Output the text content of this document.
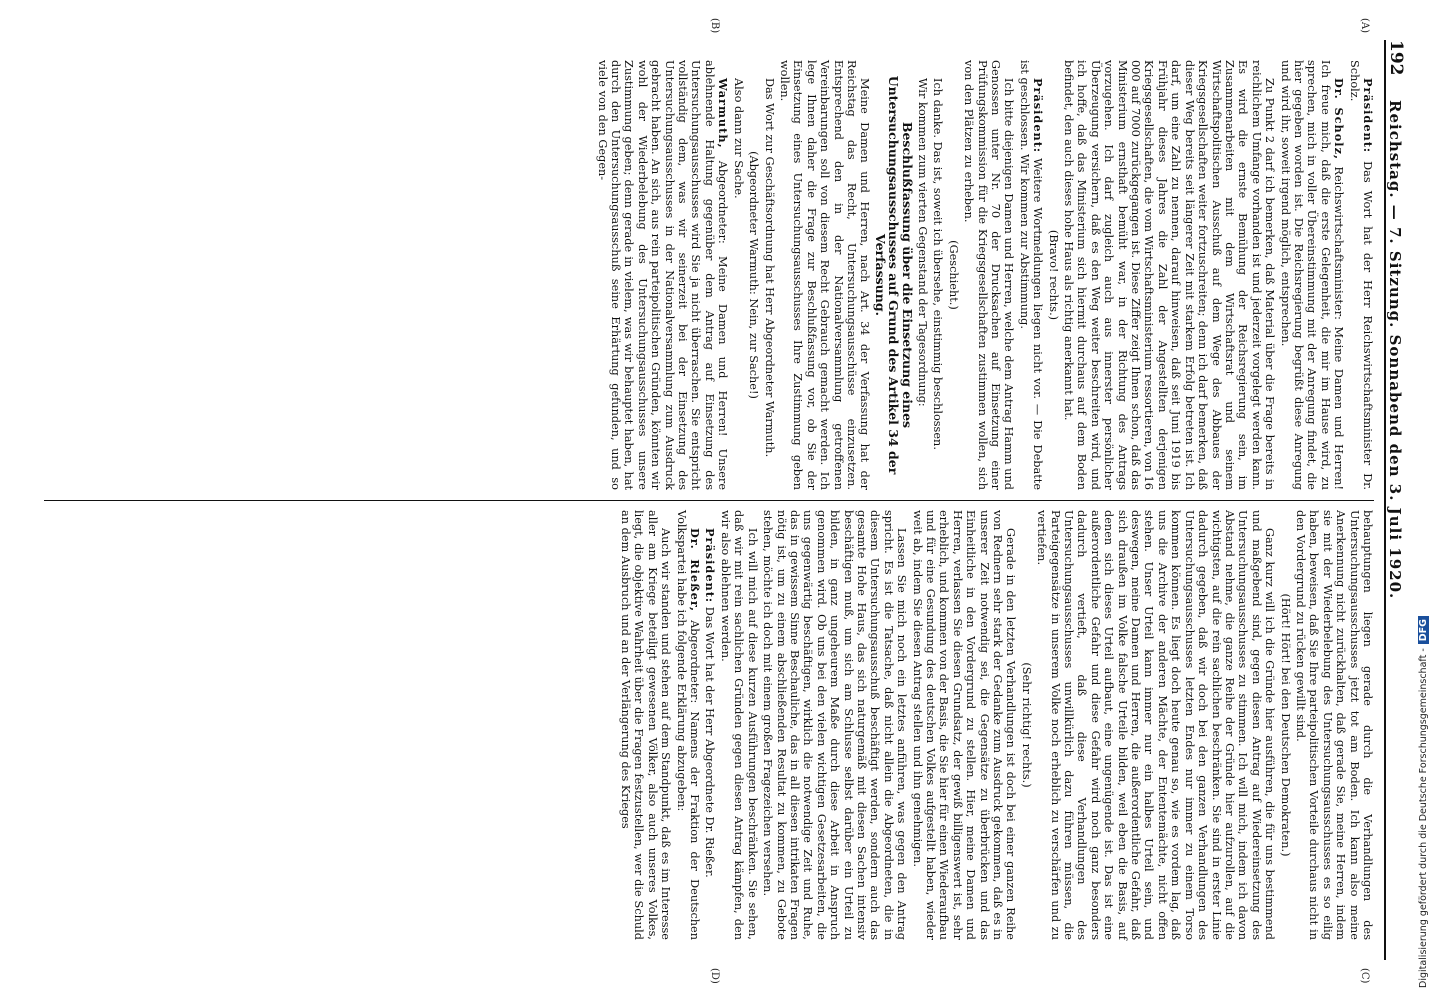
192
Reichstag. — 7. Sitzung. Sonnabend den 3. Juli 1920.

Präsident: Das Wort hat der Herr Reichswirtschaftsminister Dr. Scholz.

Dr. Scholz, Reichswirtschaftsminister: Meine Damen und Herren! Ich freue mich, daß die erste Gelegenheit, die mir im Hause wird, zu sprechen, mich in voller Übereinstimmung mit der Anregung findet, die hier gegeben worden ist. Die Reichsregierung begrüßt diese Anregung und wird ihr, soweit irgend möglich, entsprechen.

Zu Punkt 2 darf ich bemerken, daß Material über die Frage bereits in reichlichem Umfange vorhanden ist und jederzeit vorgelegt werden kann. Es wird die ernste Bemühung der Reichsregierung sein, im Zusammenarbeiten mit dem Wirtschaftsrat und seinem Wirtschaftspolitischen Ausschuß auf dem Wege des Abbaues der Kriegsgesellschaften weiter fortzuschreiten; denn ich darf bemerken, daß dieser Weg bereits seit längerer Zeit mit starkem Erfolg betreten ist. Ich darf, um eine Zahl zu nennen, darauf hinweisen, daß seit Juni 1919 bis Frühjahr dieses Jahres die Zahl der Angestellten derjenigen Kriegsgesellschaften, die vom Wirtschaftsministerium ressortieren, von 16 000 auf 7000 zurückgegangen ist. Diese Ziffer zeigt Ihnen schon, daß das Ministerium ernsthaft bemüht war, in der Richtung des Antrags vorzugehen. Ich darf zugleich auch aus innerster persönlicher Überzeugung versichern, daß es den Weg weiter beschreiten wird, und ich hoffe, daß das Ministerium sich hiermit durchaus auf dem Boden befindet, den auch dieses hohe Haus als richtig anerkannt hat.

(Bravo! rechts.)

Präsident: Weitere Wortmeldungen liegen nicht vor. — Die Debatte ist geschlossen. Wir kommen zur Abstimmung.

Ich bitte diejenigen Damen und Herren, welche dem Antrag Hamm und Genossen unter Nr. 70 der Drucksachen auf Einsetzung einer Prüfungskommission für die Kriegsgesellschaften zustimmen wollen, sich von den Plätzen zu erheben.

(Geschieht.)

Ich danke. Das ist, soweit ich übersehe, einstimmig beschlossen.

Wir kommen zum vierten Gegenstand der Tagesordnung:

Beschlußfassung über die Einsetzung eines Untersuchungsausschusses auf Grund des Artikel 34 der Verfassung.

Meine Damen und Herren, nach Art. 34 der Verfassung hat der Reichstag das Recht, Untersuchungsausschüsse einzusetzen. Entsprechend den in der Nationalversammlung getroffenen Vereinbarungen soll von diesem Recht Gebrauch gemacht werden. Ich lege Ihnen daher die Frage zur Beschlußfassung vor, ob Sie der Einsetzung eines Untersuchungsausschusses Ihre Zustimmung geben wollen.

Das Wort zur Geschäftsordnung hat Herr Abgeordneter Warmuth.

(Abgeordneter Warmuth: Nein, zur Sache!)

Also dann zur Sache.

Warmuth, Abgeordneter: Meine Damen und Herren! Unsere ablehnende Haltung gegenüber dem Antrag auf Einsetzung des Untersuchungsausschusses wird Sie ja nicht überraschen. Sie entspricht vollständig dem, was wir seinerzeit bei der Einsetzung des Untersuchungsausschusses in der Nationalversammlung zum Ausdruck gebracht haben. An sich, aus rein parteipolitischen Gründen, könnten wir wohl der Wiederbelebung des Untersuchungsausschusses unsere Zustimmung geben; denn gerade in vielem, was wir behauptet haben, hat durch den Untersuchungsausschuß seine Erhärtung gefunden, und so viele von den Gegen-

behauptungen liegen gerade durch die Verhandlungen des Untersuchungsausschusses jetzt tot am Boden. Ich kann also meine Anerkennung nicht zurückhalten, daß gerade Sie, meine Herren, indem sie mit der Wiederbelebung des Untersuchungsausschusses es so eilig haben, beweisen, daß Sie Ihre parteipolitischen Vorteile durchaus nicht in den Vordergrund zu rücken gewillt sind.

(Hört! Hört! bei den Deutschen Demokraten.)

Ganz kurz will ich die Gründe hier ausführen, die für uns bestimmend und maßgebend sind, gegen diesen Antrag auf Wiedereinsetzung des Untersuchungsausschusses zu stimmen. Ich will mich, indem ich davon Abstand nehme, die ganze Reihe der Gründe hier aufzurollen, auf die wichtigsten, auf die rein sachlichen beschränken. Sie sind in erster Linie dadurch gegeben, daß wir doch bei den ganzen Verhandlungen des Untersuchungsausschusses letzten Endes nur immer zu einem Torso kommen können. Es liegt doch heute genau so, wie es vordem lag, daß uns die Archive der anderen Mächte, der Ententemächte, nicht offen stehen. Unser Urteil kann immer nur ein halbes Urteil sein, und deswegen, meine Damen und Herren, die außerordentliche Gefahr, daß sich draußen im Volke falsche Urteile bilden, weil eben die Basis, auf denen sich dieses Urteil aufbaut, eine ungenügende ist. Das ist eine außerordentliche Gefahr und diese Gefahr wird noch ganz besonders dadurch vertieft, daß diese Verhandlungen des Untersuchungsausschusses unwillkürlich dazu führen müssen, die Parteigegensätze in unserem Volke noch erheblich zu verschärfen und zu vertiefen.

(Sehr richtig! rechts.)

Gerade in den letzten Verhandlungen ist doch bei einer ganzen Reihe von Rednern sehr stark der Gedanke zum Ausdruck gekommen, daß es in unserer Zeit notwendig sei, die Gegensätze zu überbrücken und das Einheitliche in den Vordergrund zu stellen. Hier, meine Damen und Herren, verlassen Sie diesen Grundsatz, der gewiß billigenswert ist, sehr erheblich, und kommen von der Basis, die Sie hier für einen Wiederaufbau und für eine Gesundung des deutschen Volkes aufgestellt haben, wieder weit ab, indem Sie diesen Antrag stellen und ihn genehmigen.

Lassen Sie mich noch ein letztes anführen, was gegen den Antrag spricht. Es ist die Tatsache, daß nicht allein die Abgeordneten, die in diesem Untersuchungsausschuß beschäftigt werden, sondern auch das gesamte Hohe Haus, das sich naturgemäß mit diesen Sachen intensiv beschäftigen muß, um sich am Schlusse selbst darüber ein Urteil zu bilden, in ganz ungeheurem Maße durch diese Arbeit in Anspruch genommen wird. Ob uns bei den vielen wichtigen Gesetzesarbeiten, die uns gegenwärtig beschäftigen, wirklich die notwendige Zeit und Ruhe, das in gewissem Sinne Beschauliche, das in all diesen intrikaten Fragen nötig ist, um zu einem abschließenden Resultat zu kommen, zu Gebote stehen, möchte ich doch mit einem großen Fragezeichen versehen.

Ich will mich auf diese kurzen Ausführungen beschränken. Sie sehen, daß wir mit rein sachlichen Gründen gegen diesen Antrag kämpfen, den wir also ablehnen werden.

Präsident: Das Wort hat der Herr Abgeordnete Dr. Rießer.

Dr. Rießer, Abgeordneter: Namens der Fraktion der Deutschen Volkspartei habe ich folgende Erklärung abzugeben:

Auch wir standen und stehen auf dem Standpunkt, daß es im Interesse aller am Kriege beteiligt gewesenen Völker, also auch unseres Volkes, liegt, die objektive Wahrheit über die Fragen festzustellen, wer die Schuld an dem Ausbruch und an der Verlängerung des Krieges

(A)
(B)
(C)
(D)	Digitalisierung gefördert durch die Deutsche Forschungsgemeinschaft -DFG
